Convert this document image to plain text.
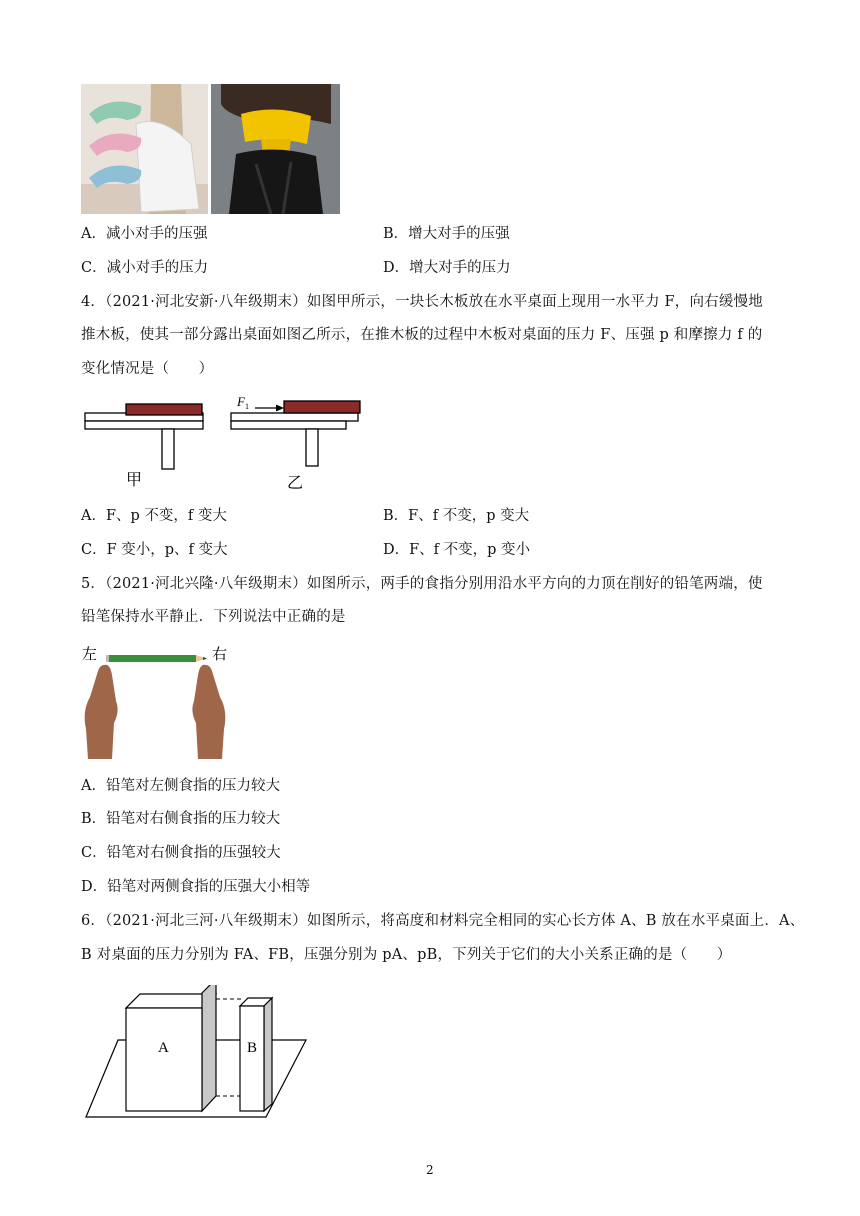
A．减小对手的压强	B．增大对手的压强
C．减小对手的压力	D．增大对手的压力
4．（2021·河北安新·八年级期末）如图甲所示，一块长木板放在水平桌面上现用一水平力 F，向右缓慢地
推木板，使其一部分露出桌面如图乙所示，在推木板的过程中木板对桌面的压力 F、压强 p 和摩擦力 f 的
变化情况是（　　）
F 1
甲	乙
A．F、p 不变，f 变大	B．F、f 不变，p 变大
C．F 变小，p、f 变大	D．F、f 不变，p 变小
5．（2021·河北兴隆·八年级期末）如图所示，两手的食指分别用沿水平方向的力顶在削好的铅笔两端，使
铅笔保持水平静止．下列说法中正确的是
左	右
A．铅笔对左侧食指的压力较大
B．铅笔对右侧食指的压力较大
C．铅笔对右侧食指的压强较大
D．铅笔对两侧食指的压强大小相等
6．（2021·河北三河·八年级期末）如图所示，将高度和材料完全相同的实心长方体 A、B 放在水平桌面上．A、
B 对桌面的压力分别为 FA、FB，压强分别为 pA、pB，下列关于它们的大小关系正确的是（　　）
A	B
2
